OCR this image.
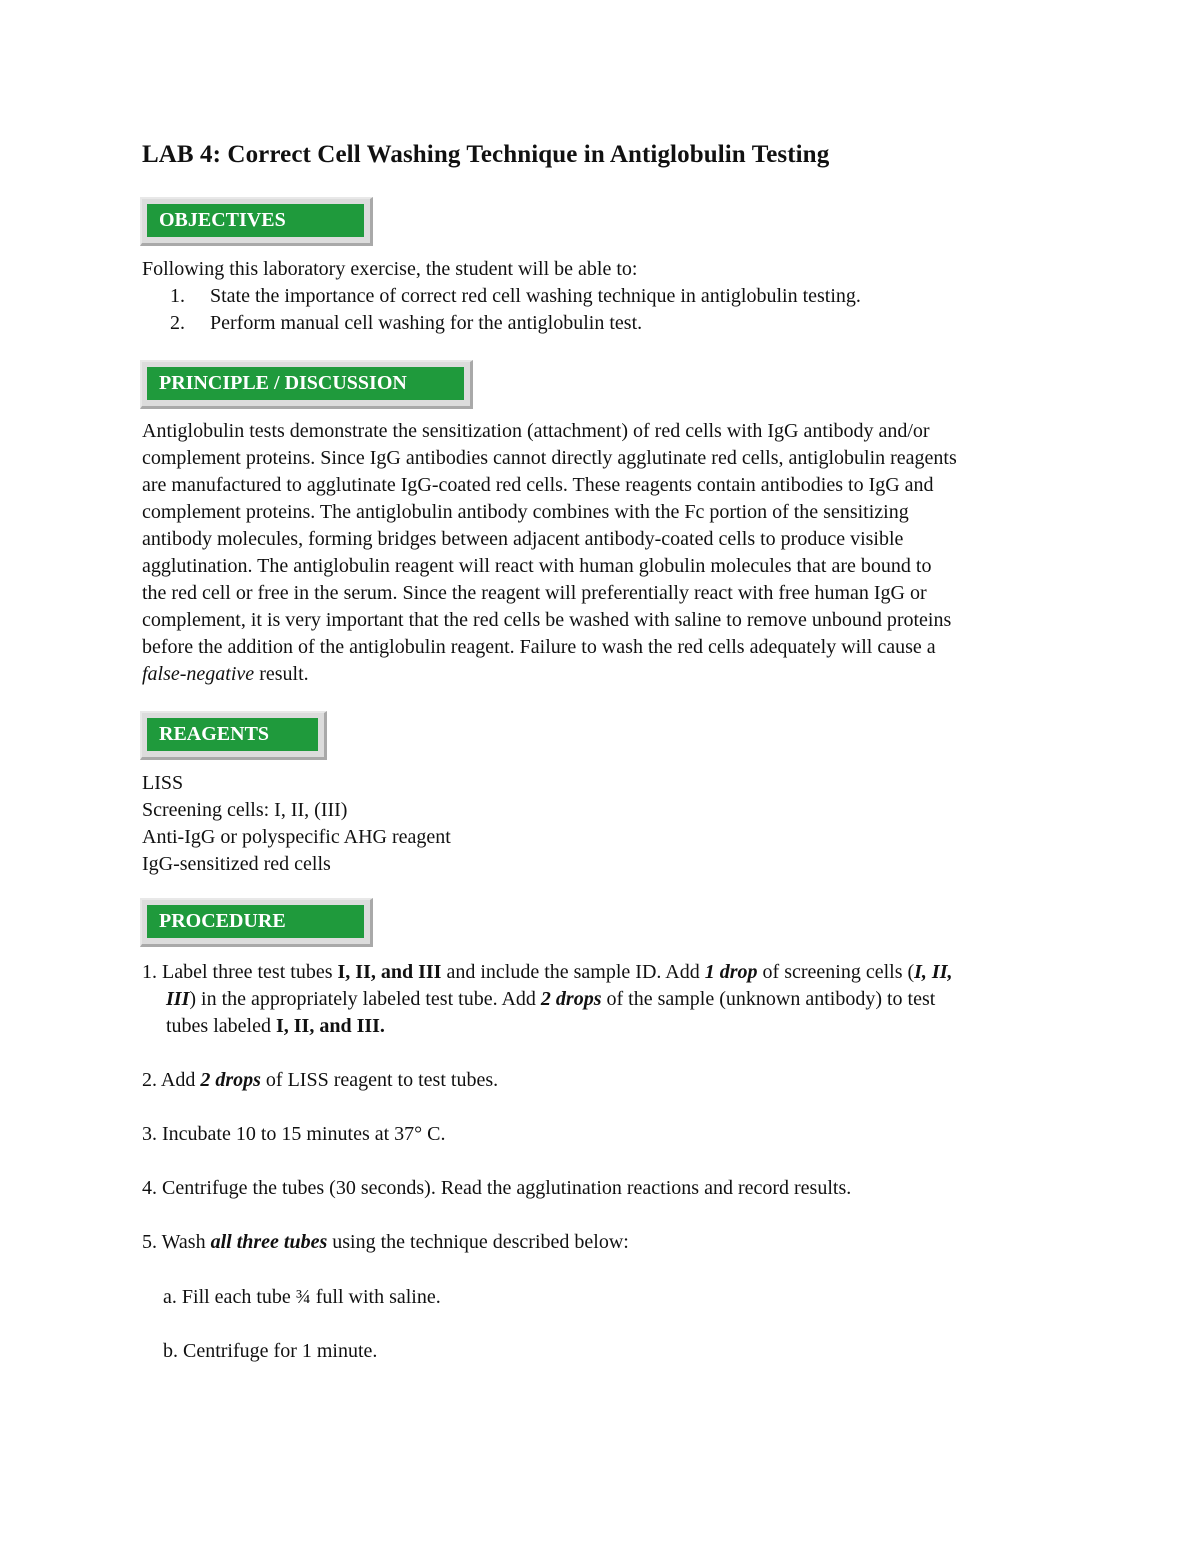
LAB 4: Correct Cell Washing Technique in Antiglobulin Testing
OBJECTIVES
Following this laboratory exercise, the student will be able to:
1. State the importance of correct red cell washing technique in antiglobulin testing.
2. Perform manual cell washing for the antiglobulin test.
PRINCIPLE / DISCUSSION
Antiglobulin tests demonstrate the sensitization (attachment) of red cells with IgG antibody and/or
complement proteins. Since IgG antibodies cannot directly agglutinate red cells, antiglobulin reagents
are manufactured to agglutinate IgG-coated red cells. These reagents contain antibodies to IgG and
complement proteins. The antiglobulin antibody combines with the Fc portion of the sensitizing
antibody molecules, forming bridges between adjacent antibody-coated cells to produce visible
agglutination. The antiglobulin reagent will react with human globulin molecules that are bound to
the red cell or free in the serum. Since the reagent will preferentially react with free human IgG or
complement, it is very important that the red cells be washed with saline to remove unbound proteins
before the addition of the antiglobulin reagent. Failure to wash the red cells adequately will cause a
false-negative result.
REAGENTS
LISS
Screening cells: I, II, (III)
Anti-IgG or polyspecific AHG reagent
IgG-sensitized red cells
PROCEDURE
1. Label three test tubes I, II, and III and include the sample ID. Add 1 drop of screening cells (I, II,
III) in the appropriately labeled test tube. Add 2 drops of the sample (unknown antibody) to test
tubes labeled I, II, and III.
2. Add 2 drops of LISS reagent to test tubes.
3. Incubate 10 to 15 minutes at 37° C.
4. Centrifuge the tubes (30 seconds). Read the agglutination reactions and record results.
5. Wash all three tubes using the technique described below:
a. Fill each tube ¾ full with saline.
b. Centrifuge for 1 minute.
